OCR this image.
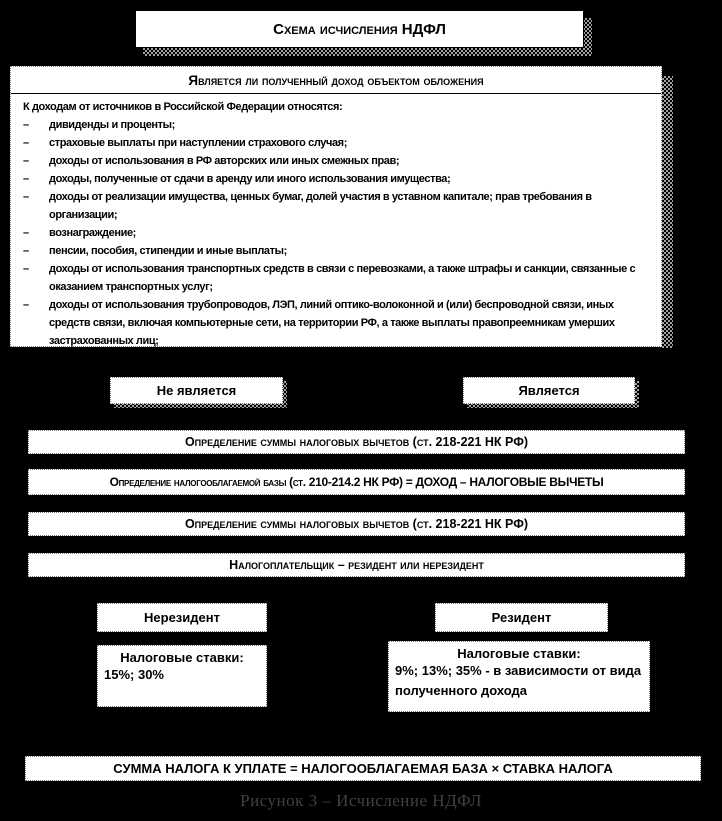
Схема исчисления НДФЛ
Является ли полученный доход объектом обложения
К доходам от источников в Российской Федерации относятся:
–	дивиденды и проценты;
–	страховые выплаты при наступлении страхового случая;
–	доходы от использования в РФ авторских или иных смежных прав;
–	доходы, полученные от сдачи в аренду или иного использования имущества;
–	доходы от реализации имущества, ценных бумаг, долей участия в уставном капитале; прав требования в организации;
–	вознаграждение;
–	пенсии, пособия, стипендии и иные выплаты;
–	доходы от использования транспортных средств в связи с перевозками, а также штрафы и санкции, связанные с оказанием транспортных услуг;
–	доходы от использования трубопроводов, ЛЭП, линий оптико-волоконной и (или) беспроводной связи, иных средств связи, включая компьютерные сети, на территории РФ, а также выплаты правопреемникам умерших застрахованных лиц;
–	иные доходы, получаемые от деятельности в РФ.
Не является	Является
Определение суммы налоговых вычетов (ст. 218-221 НК РФ)
Определение налогооблагаемой базы (ст. 210-214.2 НК РФ) = ДОХОД – НАЛОГОВЫЕ ВЫЧЕТЫ
Определение суммы налоговых вычетов (ст. 218-221 НК РФ)
Налогоплательщик – резидент или нерезидент
Нерезидент	Резидент
Налоговые ставки:
15%; 30%
Налоговые ставки:
9%; 13%; 35% - в зависимости от вида полученного дохода
СУММА НАЛОГА К УПЛАТЕ = НАЛОГООБЛАГАЕМАЯ БАЗА × СТАВКА НАЛОГА
Рисунок 3 – Исчисление НДФЛ
